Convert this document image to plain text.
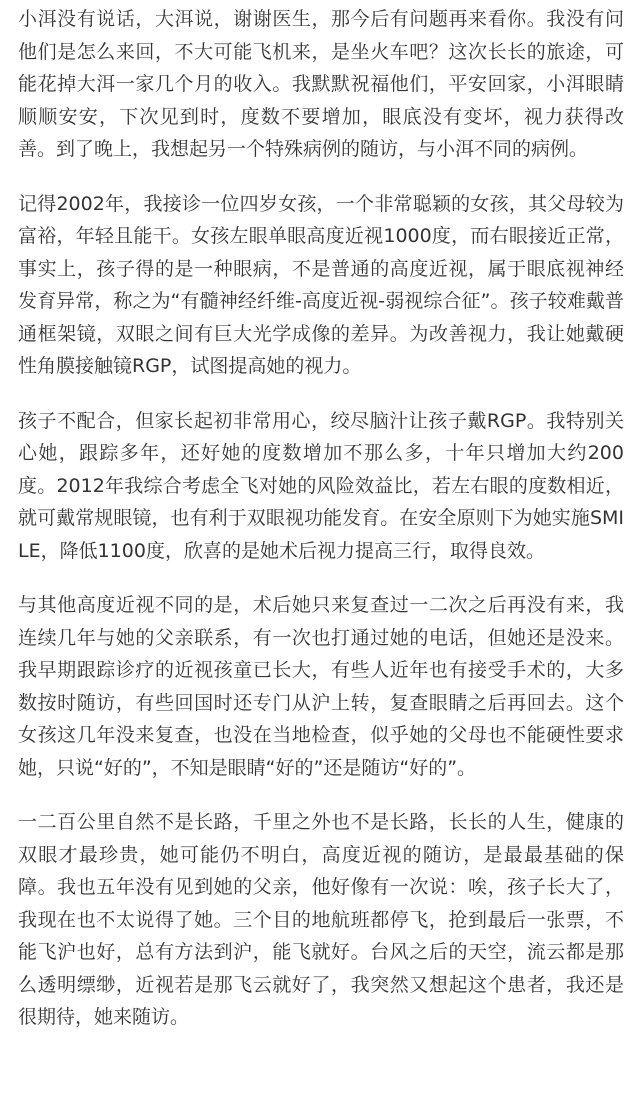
小洱没有说话，大洱说，谢谢医生，那今后有问题再来看你。我没有问他们是怎么来回，不大可能飞机来，是坐火车吧？这次长长的旅途，可能花掉大洱一家几个月的收入。我默默祝福他们，平安回家，小洱眼睛顺顺安安，下次见到时，度数不要增加，眼底没有变坏，视力获得改善。到了晚上，我想起另一个特殊病例的随访，与小洱不同的病例。

记得2002年，我接诊一位四岁女孩，一个非常聪颖的女孩，其父母较为富裕，年轻且能干。女孩左眼单眼高度近视1000度，而右眼接近正常，事实上，孩子得的是一种眼病，不是普通的高度近视，属于眼底视神经发育异常，称之为“有髓神经纤维-高度近视-弱视综合征”。孩子较难戴普通框架镜，双眼之间有巨大光学成像的差异。为改善视力，我让她戴硬性角膜接触镜RGP，试图提高她的视力。

孩子不配合，但家长起初非常用心，绞尽脑汁让孩子戴RGP。我特别关心她，跟踪多年，还好她的度数增加不那么多，十年只增加大约200度。2012年我综合考虑全飞对她的风险效益比，若左右眼的度数相近，就可戴常规眼镜，也有利于双眼视功能发育。在安全原则下为她实施SMILE，降低1100度，欣喜的是她术后视力提高三行，取得良效。

与其他高度近视不同的是，术后她只来复查过一二次之后再没有来，我连续几年与她的父亲联系，有一次也打通过她的电话，但她还是没来。我早期跟踪诊疗的近视孩童已长大，有些人近年也有接受手术的，大多数按时随访，有些回国时还专门从沪上转，复查眼睛之后再回去。这个女孩这几年没来复查，也没在当地检查，似乎她的父母也不能硬性要求她，只说“好的”，不知是眼睛“好的”还是随访“好的”。

一二百公里自然不是长路，千里之外也不是长路，长长的人生，健康的双眼才最珍贵，她可能仍不明白，高度近视的随访，是最最基础的保障。我也五年没有见到她的父亲，他好像有一次说：唉，孩子长大了，我现在也不太说得了她。三个目的地航班都停飞，抢到最后一张票，不能飞沪也好，总有方法到沪，能飞就好。台风之后的天空，流云都是那么透明缥缈，近视若是那飞云就好了，我突然又想起这个患者，我还是很期待，她来随访。
